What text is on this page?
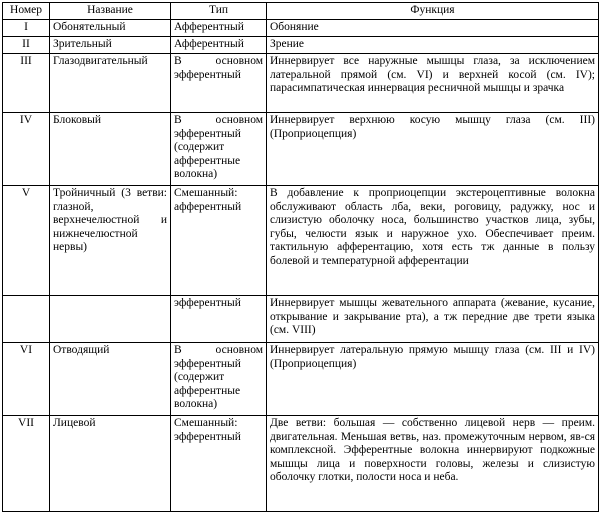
Номер	Название	Тип	Функция
I	Обонятельный	Афферентный	Обоняние
II	Зрительный	Афферентный	Зрение
III	Глазодвигательный	В основном эфферентный	Иннервирует все наружные мышцы глаза, за исключением латеральной прямой (см. VI) и верхней косой (см. IV); парасимпатическая иннервация ресничной мышцы и зрачка
IV	Блоковый	В основном эфферентный (содержит афферентные волокна)	Иннервирует верхнюю косую мышцу глаза (см. III) (Проприоцепция)
V	Тройничный (3 ветви: глазной, верхнечелюстной и нижнечелюстной нервы)	Смешанный: афферентный	В добавление к проприоцепции экстероцептивные волокна обслуживают область лба, веки, роговицу, радужку, нос и слизистую оболочку носа, большинство участков лица, зубы, губы, челюсти язык и наружное ухо. Обеспечивает преим. тактильную афферентацию, хотя есть тж данные в пользу болевой и температурной афферентации
		эфферентный	Иннервирует мышцы жевательного аппарата (жевание, кусание, открывание и закрывание рта), а тж передние две трети языка (см. VIII)
VI	Отводящий	В основном эфферентный (содержит афферентные волокна)	Иннервирует латеральную прямую мышцу глаза (см. III и IV) (Проприоцепция)
VII	Лицевой	Смешанный: эфферентный	Две ветви: большая — собственно лицевой нерв — преим. двигательная. Меньшая ветвь, наз. промежуточным нервом, яв-ся комплексной. Эфферентные волокна иннервируют подкожные мышцы лица и поверхности головы, железы и слизистую оболочку глотки, полости носа и неба.
